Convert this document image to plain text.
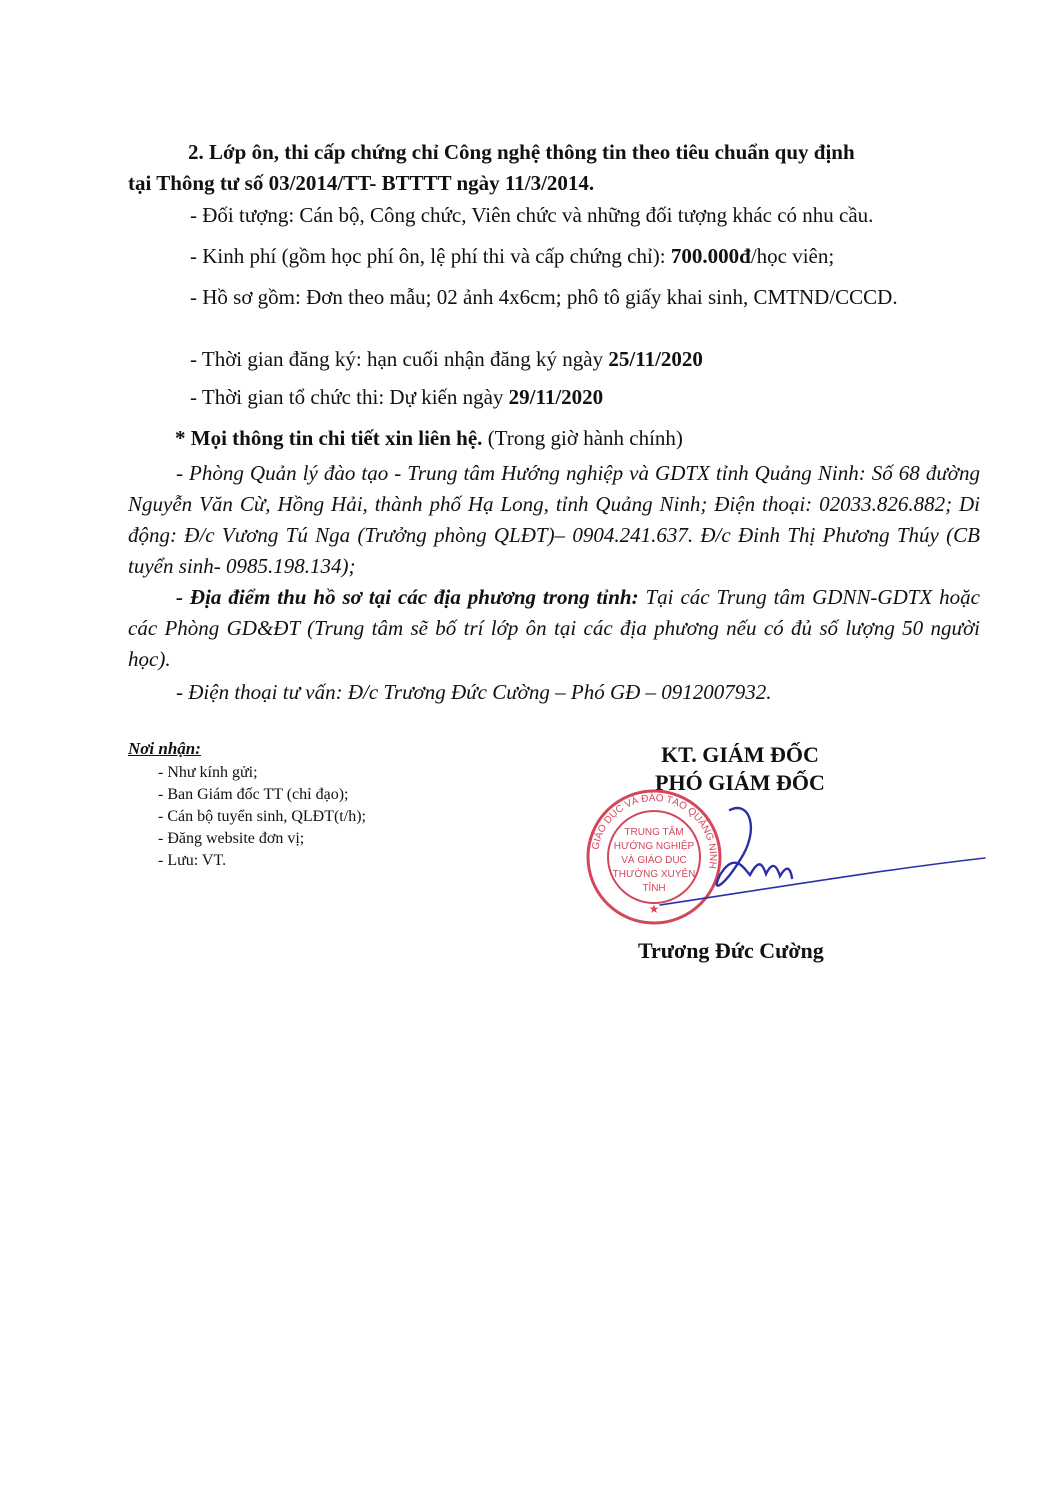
2. Lớp ôn, thi cấp chứng chỉ Công nghệ thông tin theo tiêu chuẩn quy định
tại Thông tư số 03/2014/TT- BTTTT ngày 11/3/2014.
- Đối tượng: Cán bộ, Công chức, Viên chức và những đối tượng khác có nhu cầu.
- Kinh phí (gồm học phí ôn, lệ phí thi và cấp chứng chỉ): 700.000đ/học viên;
- Hồ sơ gồm: Đơn theo mẫu; 02 ảnh 4x6cm; phô tô giấy khai sinh, CMTND/CCCD.
- Thời gian đăng ký: hạn cuối nhận đăng ký ngày 25/11/2020
- Thời gian tổ chức thi: Dự kiến ngày 29/11/2020
* Mọi thông tin chi tiết xin liên hệ. (Trong giờ hành chính)
- Phòng Quản lý đào tạo - Trung tâm Hướng nghiệp và GDTX tỉnh Quảng Ninh: Số 68 đường Nguyễn Văn Cừ, Hồng Hải, thành phố Hạ Long, tỉnh Quảng Ninh; Điện thoại: 02033.826.882; Di động: Đ/c Vương Tú Nga (Trưởng phòng QLĐT)– 0904.241.637. Đ/c Đinh Thị Phương Thúy (CB tuyển sinh- 0985.198.134);
- Địa điểm thu hồ sơ tại các địa phương trong tỉnh: Tại các Trung tâm GDNN-GDTX hoặc các Phòng GD&ĐT (Trung tâm sẽ bố trí lớp ôn tại các địa phương nếu có đủ số lượng 50 người học).
- Điện thoại tư vấn: Đ/c Trương Đức Cường – Phó GĐ – 0912007932.
Nơi nhận:
- Như kính gửi;
- Ban Giám đốc TT (chỉ đạo);
- Cán bộ tuyển sinh, QLĐT(t/h);
- Đăng website đơn vị;
- Lưu: VT.
KT. GIÁM ĐỐC
PHÓ GIÁM ĐỐC
GIÁO DỤC VÀ ĐÀO TẠO QUẢNG NINH
TRUNG TÂM
HƯỚNG NGHIỆP
VÀ GIÁO DỤC
THƯỜNG XUYÊN
TỈNH
★
Trương Đức Cường
